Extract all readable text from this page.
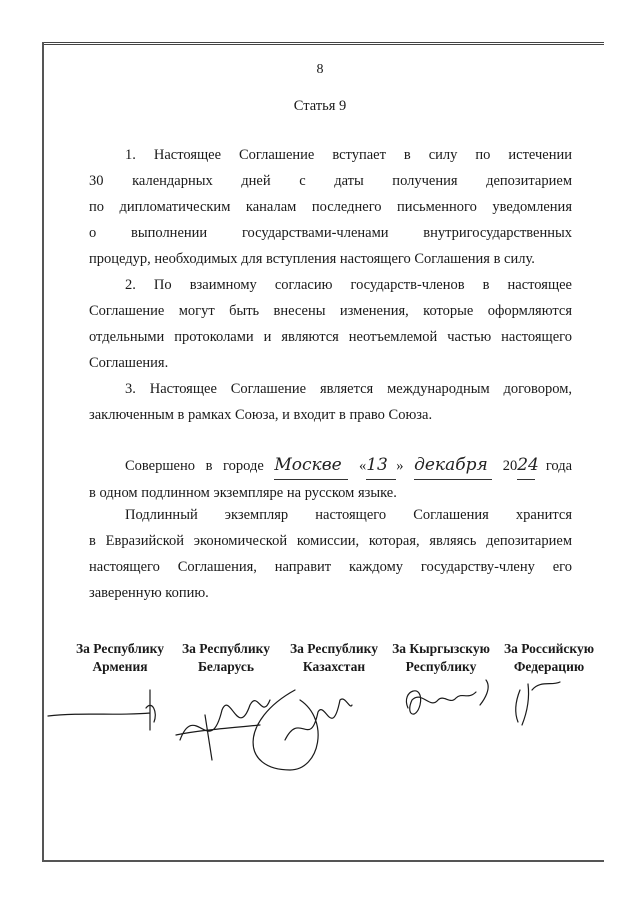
8
Статья 9
1. Настоящее Соглашение вступает в силу по истечении
30 календарных дней с даты получения депозитарием
по дипломатическим каналам последнего письменного уведомления
о выполнении государствами-членами внутригосударственных
процедур, необходимых для вступления настоящего Соглашения в силу.
2. По взаимному согласию государств-членов в настоящее
Соглашение могут быть внесены изменения, которые оформляются
отдельными протоколами и являются неотъемлемой частью настоящего
Соглашения.
3. Настоящее Соглашение является международным договором,
заключенным в рамках Союза, и входит в право Союза.
Совершено в городе Москве «13 » декабря 2024 года
в одном подлинном экземпляре на русском языке.
Подлинный экземпляр настоящего Соглашения хранится
в Евразийской экономической комиссии, которая, являясь депозитарием
настоящего Соглашения, направит каждому государству-члену его
заверенную копию.
За Республику
Армения
За Республику
Беларусь
За Республику
Казахстан
За Кыргызскую
Республику
За Российскую
Федерацию
